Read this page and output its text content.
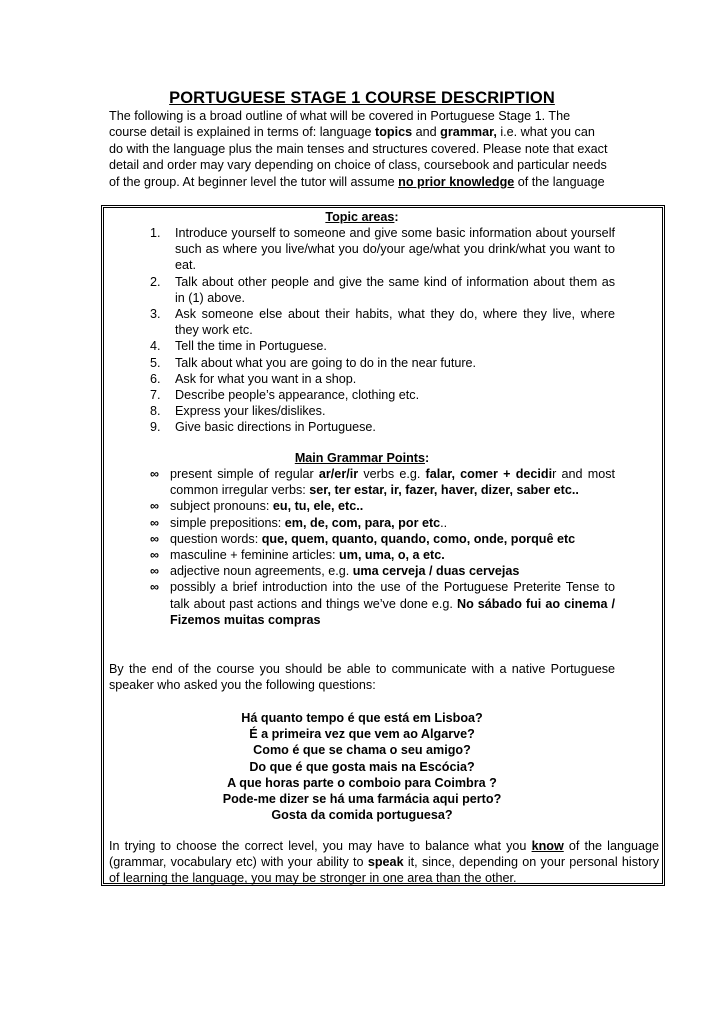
PORTUGUESE STAGE 1 COURSE DESCRIPTION
The following is a broad outline of what will be covered in Portuguese Stage 1. The course detail is explained in terms of: language topics and grammar, i.e. what you can do with the language plus the main tenses and structures covered. Please note that exact detail and order may vary depending on choice of class, coursebook and particular needs of the group. At beginner level the tutor will assume no prior knowledge of the language
Topic areas:
1.	Introduce yourself to someone and give some basic information about yourself such as where you live/what you do/your age/what you drink/what you want to eat.
2.	Talk about other people and give the same kind of information about them as in (1) above.
3.	Ask someone else about their habits, what they do, where they live, where they work etc.
4.	Tell the time in Portuguese.
5.	Talk about what you are going to do in the near future.
6.	Ask for what you want in a shop.
7.	Describe people’s appearance, clothing etc.
8.	Express your likes/dislikes.
9.	Give basic directions in Portuguese.
Main Grammar Points:
∞ present simple of regular ar/er/ir verbs e.g. falar, comer + decidir and most common irregular verbs: ser, ter estar, ir, fazer, haver, dizer, saber etc..
∞ subject pronouns: eu, tu, ele, etc..
∞ simple prepositions: em, de, com, para, por etc..
∞ question words: que, quem, quanto, quando, como, onde, porquê etc
∞ masculine + feminine articles: um, uma, o, a etc.
∞ adjective noun agreements, e.g. uma cerveja / duas cervejas
∞ possibly a brief introduction into the use of the Portuguese Preterite Tense to talk about past actions and things we’ve done e.g. No sábado fui ao cinema / Fizemos muitas compras
By the end of the course you should be able to communicate with a native Portuguese speaker who asked you the following questions:
Há quanto tempo é que está em Lisboa?
É a primeira vez que vem ao Algarve?
Como é que se chama o seu amigo?
Do que é que gosta mais na Escócia?
A que horas parte o comboio para Coimbra ?
Pode-me dizer se há uma farmácia aqui perto?
Gosta da comida portuguesa?
In trying to choose the correct level, you may have to balance what you know of the language (grammar, vocabulary etc) with your ability to speak it, since, depending on your personal history of learning the language, you may be stronger in one area than the other.
